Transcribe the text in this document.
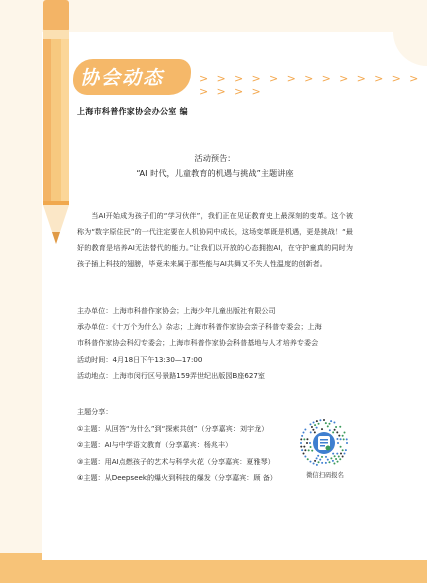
协会动态	> > > > > > > > > > > > > > > > >
上海市科普作家协会办公室 编
活动预告：
“AI 时代，儿童教育的机遇与挑战”主题讲座

当AI开始成为孩子们的“学习伙伴”，我们正在见证教育史上最深刻的变革。这个被称为“数字原住民”的一代注定要在人机协同中成长，这场变革既是机遇，更是挑战！“最好的教育是培养AI无法替代的能力。”让我们以开放的心态拥抱AI，在守护童真的同时为孩子插上科技的翅膀，毕竟未来属于那些能与AI共舞又不失人性温度的创新者。

主办单位：上海市科普作家协会；上海少年儿童出版社有限公司
承办单位：《十万个为什么》杂志；上海市科普作家协会亲子科普专委会；上海
市科普作家协会科幻专委会；上海市科普作家协会科普基地与人才培养专委会
活动时间：4月18日下午13:30—17:00
活动地点：上海市闵行区号景路159弄世纪出版园B座627室
主题分享：
①主题：从回答“为什么”到“探索共创”（分享嘉宾：刘宇龙）
②主题：AI与中学语文教育（分享嘉宾：杨兆丰）
③主题：用AI点燃孩子的艺术与科学火花（分享嘉宾：夏雅琴）
④主题：从Deepseek的爆火到科技的爆发（分享嘉宾：顾 备）	微信扫码报名
